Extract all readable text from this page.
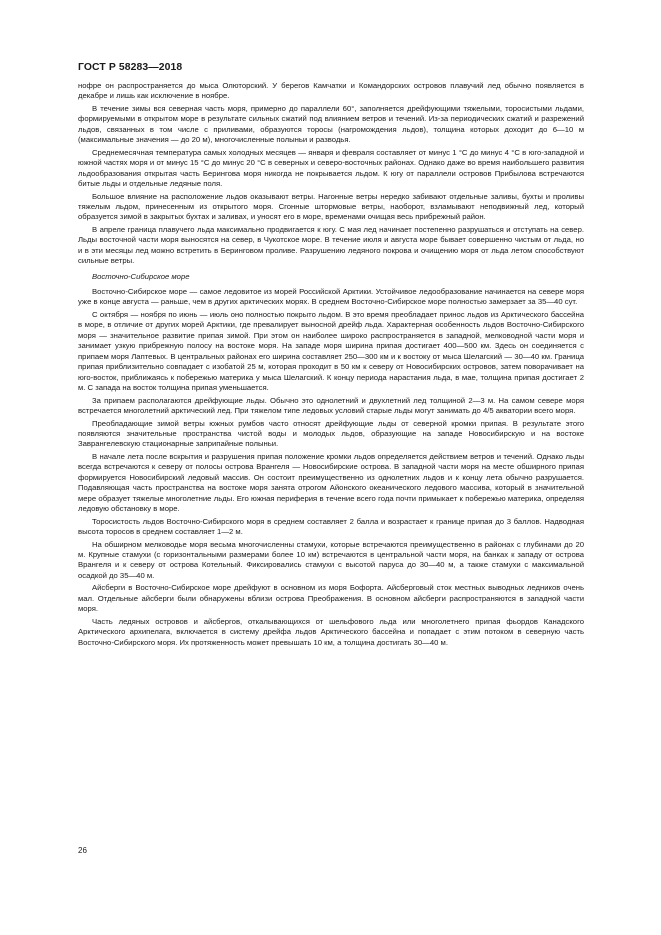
ГОСТ Р 58283—2018

нофре он распространяется до мыса Олюторский. У берегов Камчатки и Командорских островов плавучий лед обычно появляется в декабре и лишь как исключение в ноябре.

В течение зимы вся северная часть моря, примерно до параллели 60°, заполняется дрейфующими тяжелыми, торосистыми льдами, формируемыми в открытом море в результате сильных сжатий под влиянием ветров и течений. Из-за периодических сжатий и разрежений льдов, связанных в том числе с приливами, образуются торосы (нагромождения льдов), толщина которых доходит до 6—10 м (максимальные значения — до 20 м), многочисленные полыньи и разводья.

Среднемесячная температура самых холодных месяцев — января и февраля составляет от минус 1 °С до минус 4 °С в юго-западной и южной частях моря и от минус 15 °С до минус 20 °С в северных и северо-восточных районах. Однако даже во время наибольшего развития льдообразования открытая часть Берингова моря никогда не покрывается льдом. К югу от параллели островов Прибылова встречаются битые льды и отдельные ледяные поля.

Большое влияние на расположение льдов оказывают ветры. Нагонные ветры нередко забивают отдельные заливы, бухты и проливы тяжелым льдом, принесенным из открытого моря. Сгонные штормовые ветры, наоборот, взламывают неподвижный лед, который образуется зимой в закрытых бухтах и заливах, и уносят его в море, временами очищая весь прибрежный район.

В апреле граница плавучего льда максимально продвигается к югу. С мая лед начинает постепенно разрушаться и отступать на север. Льды восточной части моря выносятся на север, в Чукотское море. В течение июля и августа море бывает совершенно чистым от льда, но и в эти месяцы лед можно встретить в Беринговом проливе. Разрушению ледяного покрова и очищению моря от льда летом способствуют сильные ветры.

Восточно-Сибирское море

Восточно-Сибирское море — самое ледовитое из морей Российской Арктики. Устойчивое ледообразование начинается на севере моря уже в конце августа — раньше, чем в других арктических морях. В среднем Восточно-Сибирское море полностью замерзает за 35—40 сут.

С октября — ноября по июнь — июль оно полностью покрыто льдом. В это время преобладает принос льдов из Арктического бассейна в море, в отличие от других морей Арктики, где превалирует выносной дрейф льда. Характерная особенность льдов Восточно-Сибирского моря — значительное развитие припая зимой. При этом он наиболее широко распространяется в западной, мелководной части моря и занимает узкую прибрежную полосу на востоке моря. На западе моря ширина припая достигает 400—500 км. Здесь он соединяется с припаем моря Лаптевых. В центральных районах его ширина составляет 250—300 км и к востоку от мыса Шелагский — 30—40 км. Граница припая приблизительно совпадает с изобатой 25 м, которая проходит в 50 км к северу от Новосибирских островов, затем поворачивает на юго-восток, приближаясь к побережью материка у мыса Шелагский. К концу периода нарастания льда, в мае, толщина припая достигает 2 м. С запада на восток толщина припая уменьшается.

За припаем располагаются дрейфующие льды. Обычно это однолетний и двухлетний лед толщиной 2—3 м. На самом севере моря встречается многолетний арктический лед. При тяжелом типе ледовых условий старые льды могут занимать до 4/5 акватории всего моря.

Преобладающие зимой ветры южных румбов часто относят дрейфующие льды от северной кромки припая. В результате этого появляются значительные пространства чистой воды и молодых льдов, образующие на западе Новосибирскую и на востоке Заврангелевскую стационарные заприпайные полыньи.

В начале лета после вскрытия и разрушения припая положение кромки льдов определяется действием ветров и течений. Однако льды всегда встречаются к северу от полосы острова Врангеля — Новосибирские острова. В западной части моря на месте обширного припая формируется Новосибирский ледовый массив. Он состоит преимущественно из однолетних льдов и к концу лета обычно разрушается. Подавляющая часть пространства на востоке моря занята отрогом Айонского океанического ледового массива, который в значительной мере образует тяжелые многолетние льды. Его южная периферия в течение всего года почти примыкает к побережью материка, определяя ледовую обстановку в море.

Торосистость льдов Восточно-Сибирского моря в среднем составляет 2 балла и возрастает к границе припая до 3 баллов. Надводная высота торосов в среднем составляет 1—2 м.

На обширном мелководье моря весьма многочисленны стамухи, которые встречаются преимущественно в районах с глубинами до 20 м. Крупные стамухи (с горизонтальными размерами более 10 км) встречаются в центральной части моря, на банках к западу от острова Врангеля и к северу от острова Котельный. Фиксировались стамухи с высотой паруса до 30—40 м, а также стамухи с максимальной осадкой до 35—40 м.

Айсберги в Восточно-Сибирское море дрейфуют в основном из моря Бофорта. Айсберговый сток местных выводных ледников очень мал. Отдельные айсберги были обнаружены вблизи острова Преображения. В основном айсберги распространяются в западной части моря.

Часть ледяных островов и айсбергов, откалывающихся от шельфового льда или многолетнего припая фьордов Канадского Арктического архипелага, включается в систему дрейфа льдов Арктического бассейна и попадает с этим потоком в северную часть Восточно-Сибирского моря. Их протяженность может превышать 10 км, а толщина достигать 30—40 м.

26
